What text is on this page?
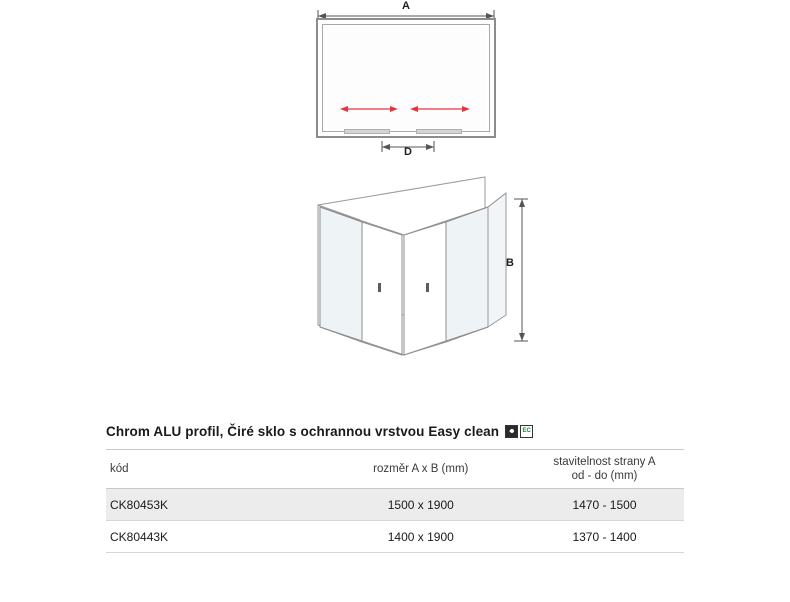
A
D
B
Chrom ALU profil, Čiré sklo s ochrannou vrstvou Easy clean	EC
kód	rozměr A x B (mm)	stavitelnost strany A
od - do (mm)

CK80453K	1500 x 1900	1470 - 1500
CK80443K	1400 x 1900	1370 - 1400
